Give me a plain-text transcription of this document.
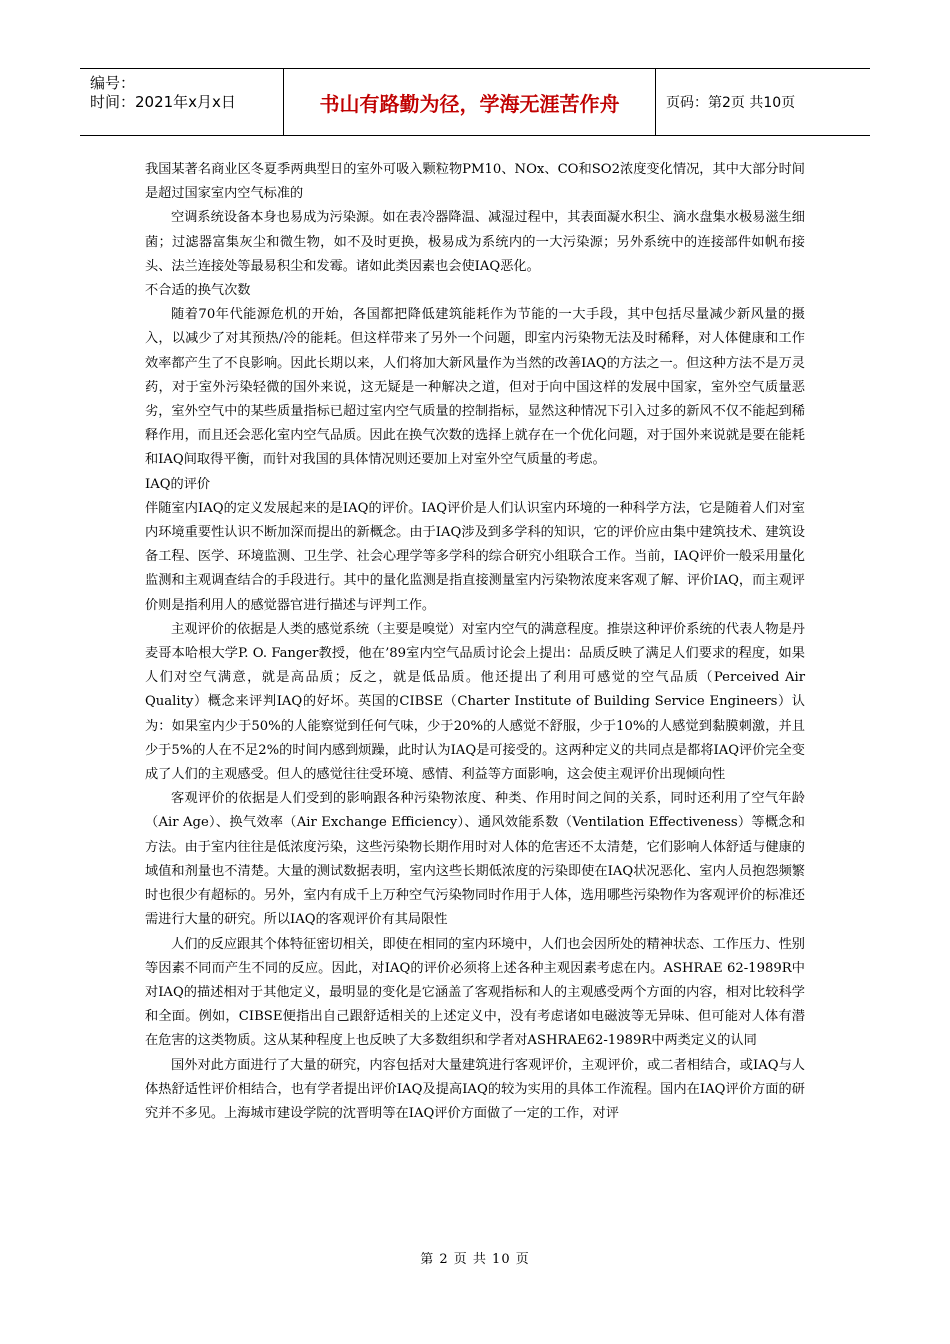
编号：
时间：2021年x月x日	书山有路勤为径，学海无涯苦作舟	页码：第2页 共10页

我国某著名商业区冬夏季两典型日的室外可吸入颗粒物PM10、NOx、CO和SO2浓度变化情况，其中大部分时间是超过国家室内空气标准的

空调系统设备本身也易成为污染源。如在表冷器降温、减湿过程中，其表面凝水积尘、滴水盘集水极易滋生细菌；过滤器富集灰尘和微生物，如不及时更换，极易成为系统内的一大污染源；另外系统中的连接部件如帆布接头、法兰连接处等最易积尘和发霉。诸如此类因素也会使IAQ恶化。

不合适的换气次数

随着70年代能源危机的开始，各国都把降低建筑能耗作为节能的一大手段，其中包括尽量减少新风量的摄入，以减少了对其预热/冷的能耗。但这样带来了另外一个问题，即室内污染物无法及时稀释，对人体健康和工作效率都产生了不良影响。因此长期以来，人们将加大新风量作为当然的改善IAQ的方法之一。但这种方法不是万灵药，对于室外污染轻微的国外来说，这无疑是一种解决之道，但对于向中国这样的发展中国家，室外空气质量恶劣，室外空气中的某些质量指标已超过室内空气质量的控制指标，显然这种情况下引入过多的新风不仅不能起到稀释作用，而且还会恶化室内空气品质。因此在换气次数的选择上就存在一个优化问题，对于国外来说就是要在能耗和IAQ间取得平衡，而针对我国的具体情况则还要加上对室外空气质量的考虑。

IAQ的评价

伴随室内IAQ的定义发展起来的是IAQ的评价。IAQ评价是人们认识室内环境的一种科学方法，它是随着人们对室内环境重要性认识不断加深而提出的新概念。由于IAQ涉及到多学科的知识，它的评价应由集中建筑技术、建筑设备工程、医学、环境监测、卫生学、社会心理学等多学科的综合研究小组联合工作。当前，IAQ评价一般采用量化监测和主观调查结合的手段进行。其中的量化监测是指直接测量室内污染物浓度来客观了解、评价IAQ，而主观评价则是指利用人的感觉器官进行描述与评判工作。

主观评价的依据是人类的感觉系统（主要是嗅觉）对室内空气的满意程度。推崇这种评价系统的代表人物是丹麦哥本哈根大学P. O. Fanger教授，他在’89室内空气品质讨论会上提出：品质反映了满足人们要求的程度，如果人们对空气满意，就是高品质；反之，就是低品质。他还提出了利用可感觉的空气品质（Perceived Air Quality）概念来评判IAQ的好坏。英国的CIBSE（Charter Institute of Building Service Engineers）认为：如果室内少于50%的人能察觉到任何气味，少于20%的人感觉不舒服，少于10%的人感觉到黏膜刺激，并且少于5%的人在不足2%的时间内感到烦躁，此时认为IAQ是可接受的。这两种定义的共同点是都将IAQ评价完全变成了人们的主观感受。但人的感觉往往受环境、感情、利益等方面影响，这会使主观评价出现倾向性

客观评价的依据是人们受到的影响跟各种污染物浓度、种类、作用时间之间的关系，同时还利用了空气年龄（Air Age）、换气效率（Air Exchange Efficiency）、通风效能系数（Ventilation Effectiveness）等概念和方法。由于室内往往是低浓度污染，这些污染物长期作用时对人体的危害还不太清楚，它们影响人体舒适与健康的域值和剂量也不清楚。大量的测试数据表明，室内这些长期低浓度的污染即使在IAQ状况恶化、室内人员抱怨频繁时也很少有超标的。另外，室内有成千上万种空气污染物同时作用于人体，选用哪些污染物作为客观评价的标准还需进行大量的研究。所以IAQ的客观评价有其局限性

人们的反应跟其个体特征密切相关，即使在相同的室内环境中，人们也会因所处的精神状态、工作压力、性别等因素不同而产生不同的反应。因此，对IAQ的评价必须将上述各种主观因素考虑在内。ASHRAE 62-1989R中对IAQ的描述相对于其他定义，最明显的变化是它涵盖了客观指标和人的主观感受两个方面的内容，相对比较科学和全面。例如，CIBSE便指出自己跟舒适相关的上述定义中，没有考虑诸如电磁波等无异味、但可能对人体有潜在危害的这类物质。这从某种程度上也反映了大多数组织和学者对ASHRAE62-1989R中两类定义的认同

国外对此方面进行了大量的研究，内容包括对大量建筑进行客观评价，主观评价，或二者相结合，或IAQ与人体热舒适性评价相结合，也有学者提出评价IAQ及提高IAQ的较为实用的具体工作流程。国内在IAQ评价方面的研究并不多见。上海城市建设学院的沈晋明等在IAQ评价方面做了一定的工作，对评

第 2 页 共 10 页
